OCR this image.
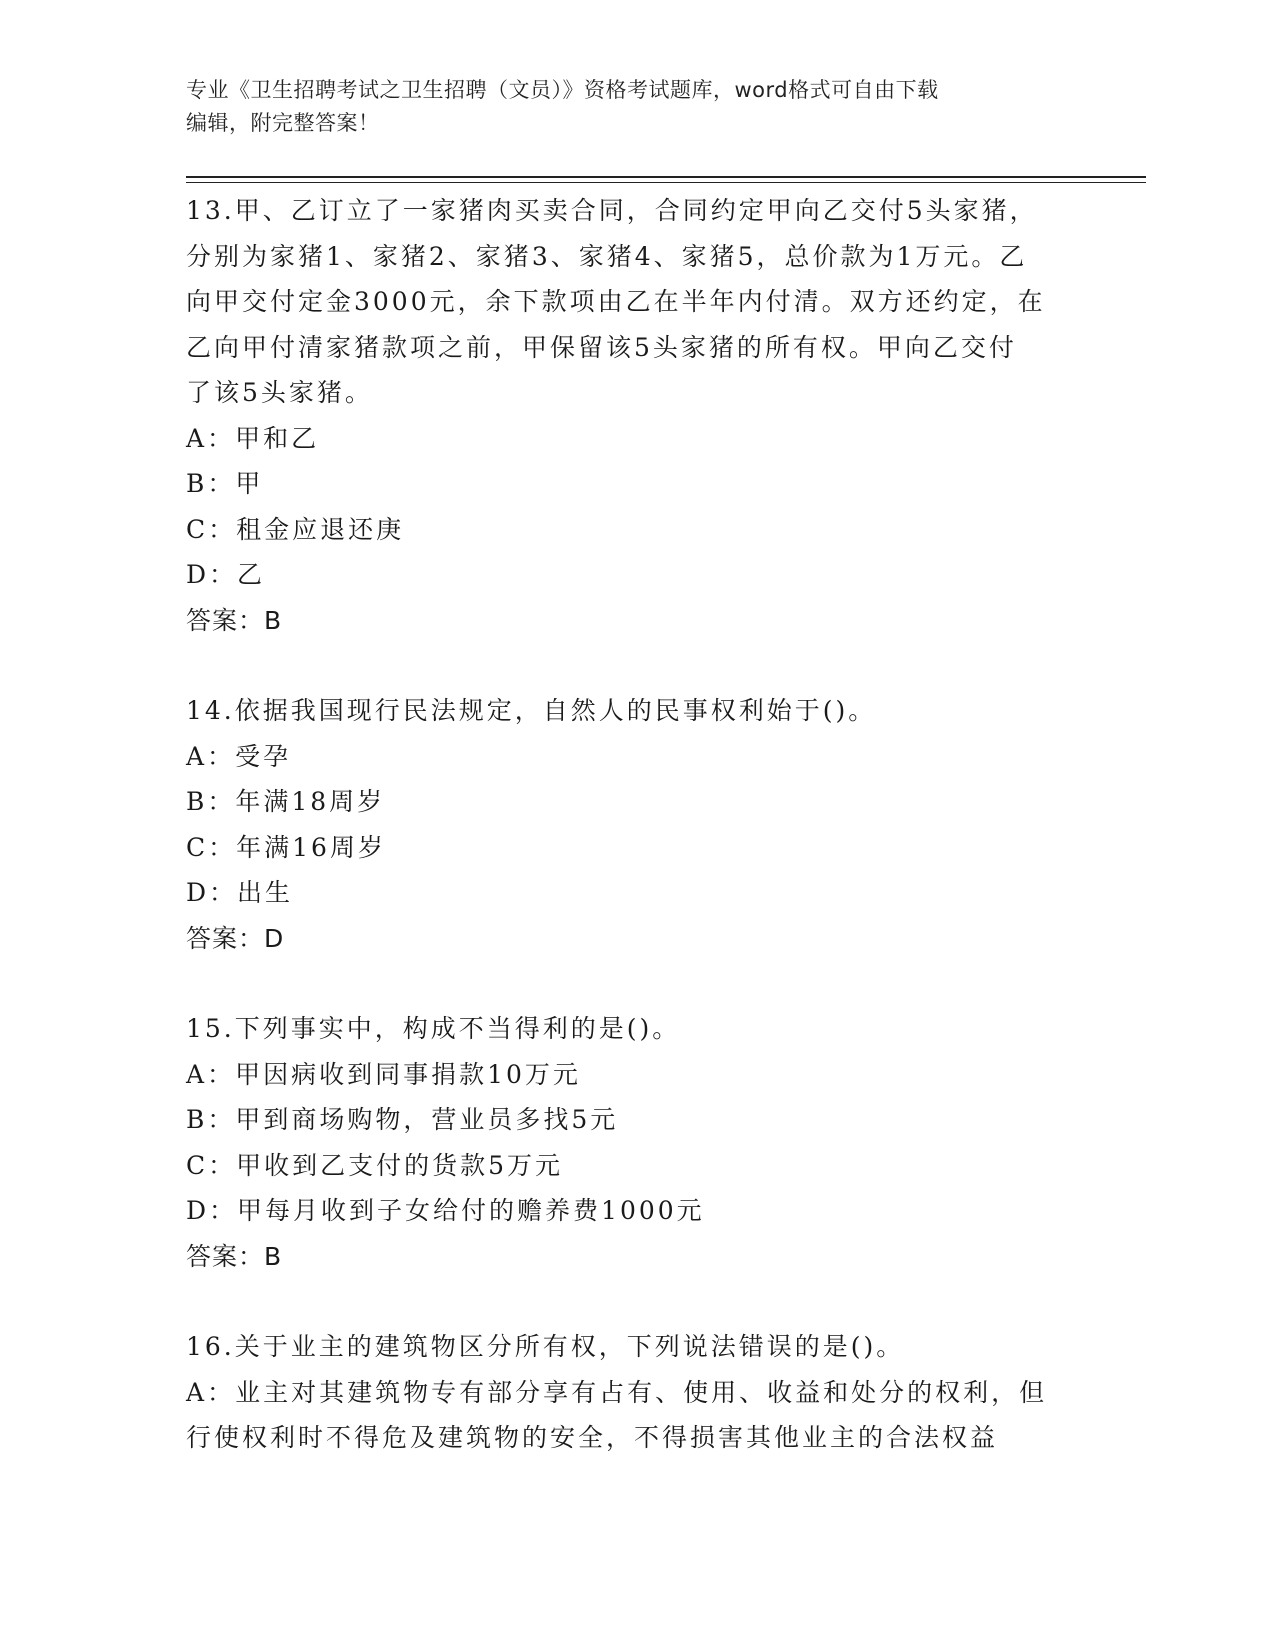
专业《卫生招聘考试之卫生招聘（文员）》资格考试题库，word格式可自由下载
编辑，附完整答案！

13.甲、乙订立了一家猪肉买卖合同，合同约定甲向乙交付5头家猪，

分别为家猪1、家猪2、家猪3、家猪4、家猪5，总价款为1万元。乙

向甲交付定金3000元，余下款项由乙在半年内付清。双方还约定，在

乙向甲付清家猪款项之前，甲保留该5头家猪的所有权。甲向乙交付

了该5头家猪。

A： 甲和乙
B： 甲
C： 租金应退还庚
D： 乙

答案：B

14.依据我国现行民法规定，自然人的民事权利始于()。

A： 受孕
B： 年满18周岁
C： 年满16周岁
D： 出生

答案：D

15.下列事实中，构成不当得利的是()。

A： 甲因病收到同事捐款10万元
B： 甲到商场购物，营业员多找5元
C： 甲收到乙支付的货款5万元
D： 甲每月收到子女给付的赡养费1000元

答案：B

16.关于业主的建筑物区分所有权，下列说法错误的是()。

A： 业主对其建筑物专有部分享有占有、使用、收益和处分的权利，但
行使权利时不得危及建筑物的安全，不得损害其他业主的合法权益
